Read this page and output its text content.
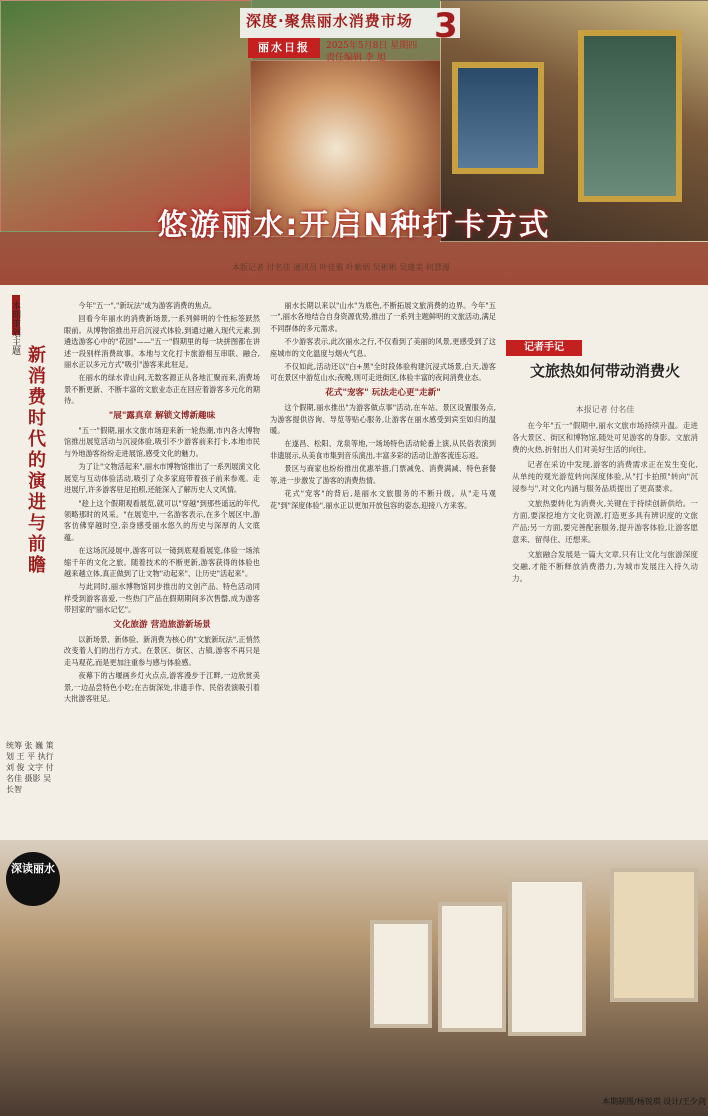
深度·聚焦丽水消费市场 3
丽水日报	2025年5月8日 星期四
责任编辑 李 旭
悠游丽水:开启N种打卡方式
本版记者 付名佳 通讯员 叶佳雅 叶紫炳 吴彬彬 吴建美 何慧漫
本期策划主题
新消费时代的演进与前瞻
统筹 张 巍 策划 王 平 执行 刘 俊 文字 付名佳 摄影 吴长智

今年"五一","新玩法"成为游客消费的焦点。

回看今年丽水的消费新场景,一系列鲜明的个性标签跃然眼前。从博物馆推出开启沉浸式体验,到通过融入现代元素,到遴选游客心中的"花园"——"五一"假期里的每一块拼图都在讲述一段别样消费故事。本地与文化打卡旅游相互串联、融合,丽水正以多元方式"吸引"游客来此驻足。

在丽水的绿水青山间,无数客源正从各地汇聚而来,消费场景不断更新、不断丰富的文旅业态正在回应着游客多元化的期待。

"展"露真章 解锁文博新趣味

"五一"假期,丽水文旅市场迎来新一轮热潮,市内各大博物馆推出展览活动与沉浸体验,吸引不少游客前来打卡,本地市民与外地游客纷纷走进展馆,感受文化的魅力。

为了让"文物活起来",丽水市博物馆推出了一系列展演文化展览与互动体验活动,吸引了众多家庭带着孩子前来参观。走进展厅,许多游客驻足拍照,还能深入了解历史人文风情。

"趁上这个假期观看展览,就可以"穿越"到那些遥远的年代,领略那时的风采。"在展览中,一名游客表示,在多个展区中,游客仿佛穿越时空,亲身感受丽水悠久的历史与深厚的人文底蕴。

在这场沉浸展中,游客可以一镜到底观看展览,体验一场浓缩千年的文化之旅。随着技术的不断更新,游客获得的体验也越来越立体,真正做到了让文物"动起来"、让历史"活起来"。

与此同时,丽水博物馆同步推出的文创产品、特色活动同样受到游客喜爱,一些热门产品在假期期间多次售罄,成为游客带回家的"丽水记忆"。

文化旅游 营造旅游新场景

以新场景、新体验、新消费为核心的"文旅新玩法",正悄然改变着人们的出行方式。在景区、街区、古镇,游客不再只是走马观花,而是更加注重参与感与体验感。

夜幕下的古堰画乡灯火点点,游客漫步于江畔,一边欣赏美景,一边品尝特色小吃;在古街深处,非遗手作、民俗表演吸引着大批游客驻足。

丽水长期以来以"山水"为底色,不断拓展文旅消费的边界。今年"五一",丽水各地结合自身资源优势,推出了一系列主题鲜明的文旅活动,满足不同群体的多元需求。

不少游客表示,此次丽水之行,不仅看到了美丽的风景,更感受到了这座城市的文化温度与烟火气息。

不仅如此,活动还以"白+黑"全时段体验构建沉浸式场景,白天,游客可在景区中游览山水;夜晚,则可走进街区,体验丰富的夜间消费业态。

花式"宠客" 玩法走心更"走新"

这个假期,丽水推出"为游客做点事"活动,在车站、景区设置服务点,为游客提供咨询、导览等贴心服务,让游客在丽水感受到宾至如归的温暖。

在遂昌、松阳、龙泉等地,一场场特色活动轮番上演,从民俗表演到非遗展示,从美食市集到音乐演出,丰富多彩的活动让游客流连忘返。

景区与商家也纷纷推出优惠举措,门票减免、消费满减、特色套餐等,进一步激发了游客的消费热情。

花式"宠客"的背后,是丽水文旅服务的不断升级。从"走马观花"到"深度体验",丽水正以更加开放包容的姿态,迎接八方来客。

记者手记
文旅热如何带动消费火
本报记者 付名佳

在今年"五一"假期中,丽水文旅市场持续升温。走进各大景区、街区和博物馆,随处可见游客的身影。文旅消费的火热,折射出人们对美好生活的向往。

记者在采访中发现,游客的消费需求正在发生变化,从单纯的观光游览转向深度体验,从"打卡拍照"转向"沉浸参与",对文化内涵与服务品质提出了更高要求。

文旅热要转化为消费火,关键在于持续创新供给。一方面,要深挖地方文化资源,打造更多具有辨识度的文旅产品;另一方面,要完善配套服务,提升游客体验,让游客愿意来、留得住、还想来。

文旅融合发展是一篇大文章,只有让文化与旅游深度交融,才能不断释放消费潜力,为城市发展注入持久动力。

深读丽水
本期制图/杨锐琪 设计/王少剑
